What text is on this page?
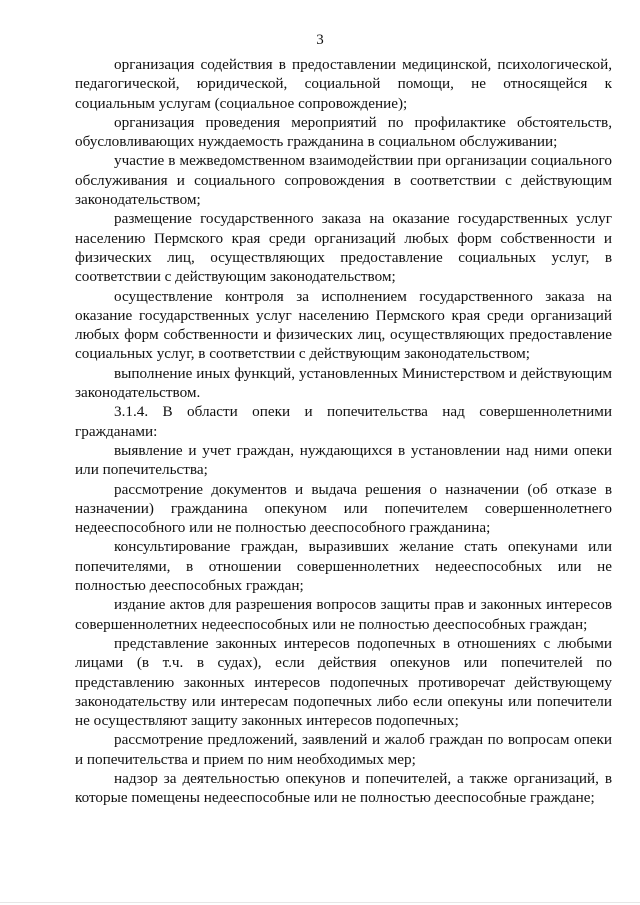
3

организация содействия в предоставлении медицинской, психологической, педагогической, юридической, социальной помощи, не относящейся к социальным услугам (социальное сопровождение);

организация проведения мероприятий по профилактике обстоятельств, обусловливающих нуждаемость гражданина в социальном обслуживании;

участие в межведомственном взаимодействии при организации социального обслуживания и социального сопровождения в соответствии с действующим законодательством;

размещение государственного заказа на оказание государственных услуг населению Пермского края среди организаций любых форм собственности и физических лиц, осуществляющих предоставление социальных услуг, в соответствии с действующим законодательством;

осуществление контроля за исполнением государственного заказа на оказание государственных услуг населению Пермского края среди организаций любых форм собственности и физических лиц, осуществляющих предоставление социальных услуг, в соответствии с действующим законодательством;

выполнение иных функций, установленных Министерством и действующим законодательством.

3.1.4. В области опеки и попечительства над совершеннолетними гражданами:

выявление и учет граждан, нуждающихся в установлении над ними опеки или попечительства;

рассмотрение документов и выдача решения о назначении (об отказе в назначении) гражданина опекуном или попечителем совершеннолетнего недееспособного или не полностью дееспособного гражданина;

консультирование граждан, выразивших желание стать опекунами или попечителями, в отношении совершеннолетних недееспособных или не полностью дееспособных граждан;

издание актов для разрешения вопросов защиты прав и законных интересов совершеннолетних недееспособных или не полностью дееспособных граждан;

представление законных интересов подопечных в отношениях с любыми лицами (в т.ч. в судах), если действия опекунов или попечителей по представлению законных интересов подопечных противоречат действующему законодательству или интересам подопечных либо если опекуны или попечители не осуществляют защиту законных интересов подопечных;

рассмотрение предложений, заявлений и жалоб граждан по вопросам опеки и попечительства и прием по ним необходимых мер;

надзор за деятельностью опекунов и попечителей, а также организаций, в которые помещены недееспособные или не полностью дееспособные граждане;
